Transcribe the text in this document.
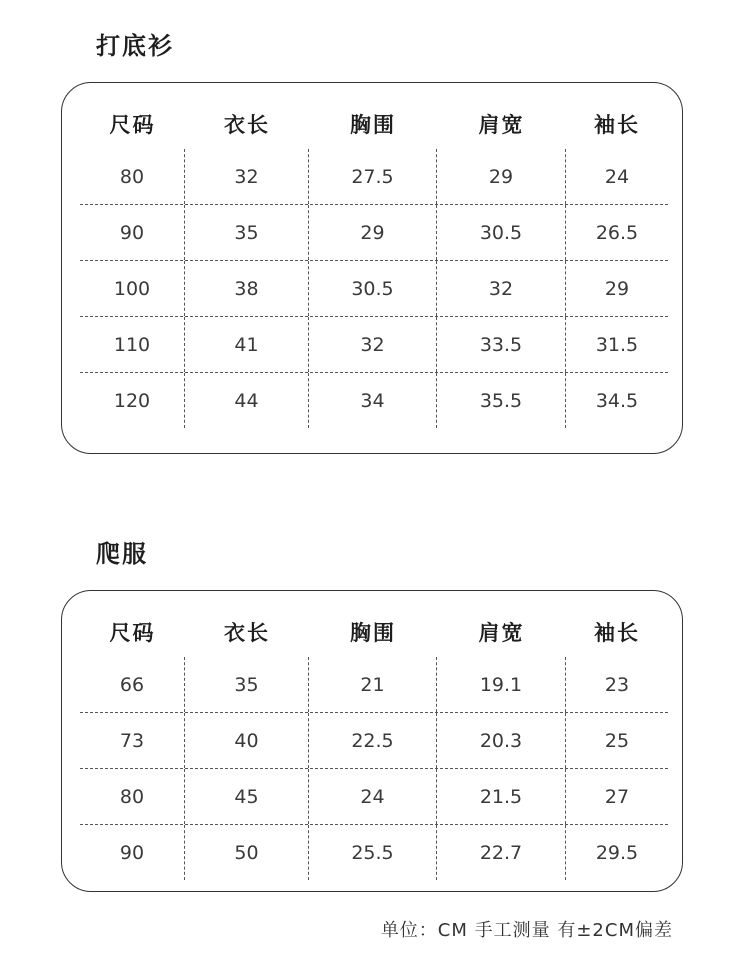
打底衫
尺码	衣长	胸围	肩宽	袖长
80	32	27.5	29	24
90	35	29	30.5	26.5
100	38	30.5	32	29
110	41	32	33.5	31.5
120	44	34	35.5	34.5
爬服
尺码	衣长	胸围	肩宽	袖长
66	35	21	19.1	23
73	40	22.5	20.3	25
80	45	24	21.5	27
90	50	25.5	22.7	29.5
单位：CM 手工测量 有±2CM偏差
